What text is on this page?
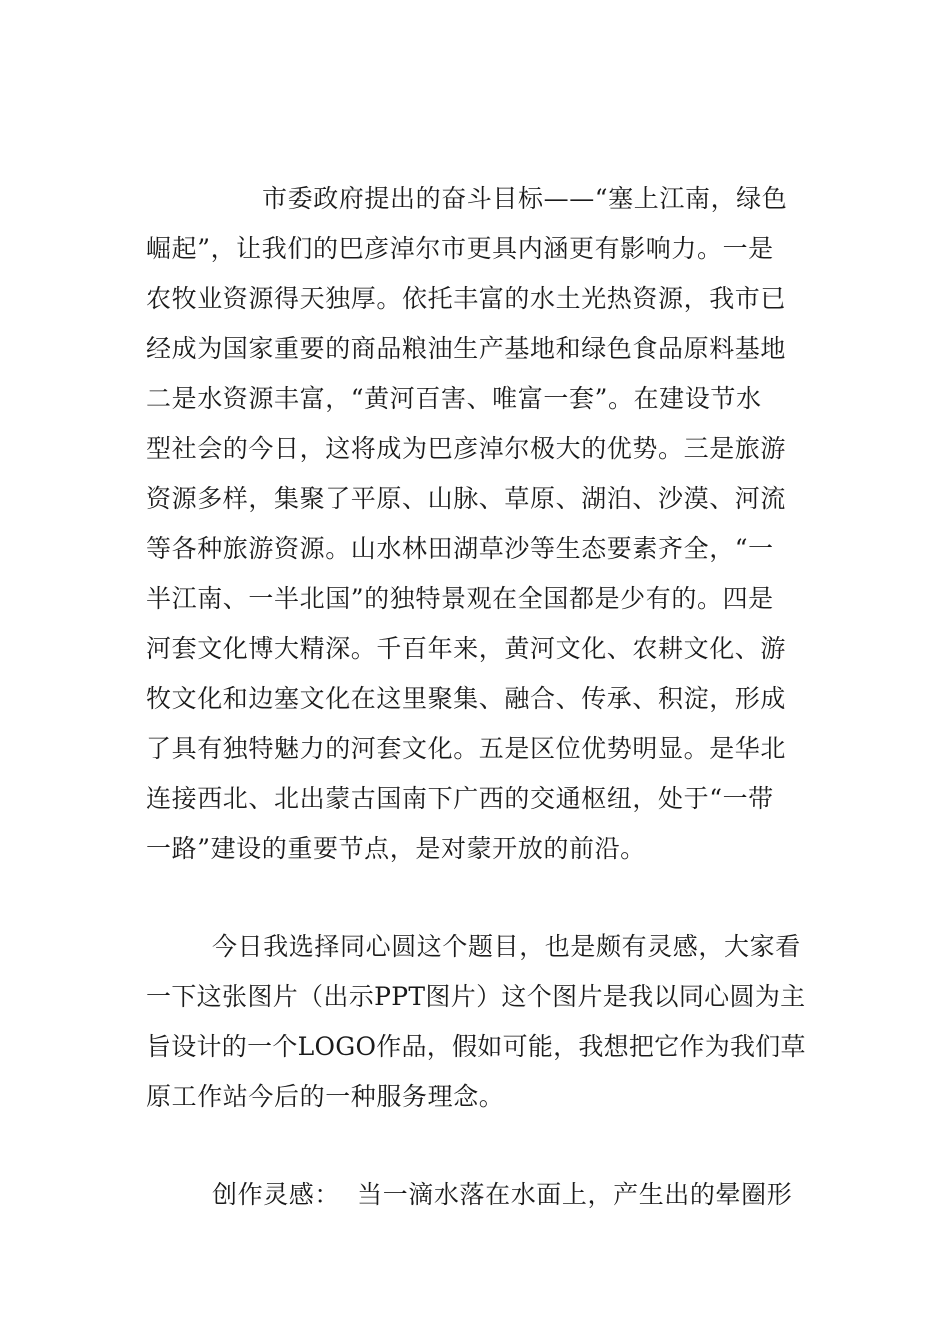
市委政府提出的奋斗目标——“塞上江南，绿色
崛起”，让我们的巴彦淖尔市更具内涵更有影响力。一是
农牧业资源得天独厚。依托丰富的水土光热资源，我市已
经成为国家重要的商品粮油生产基地和绿色食品原料基地
二是水资源丰富，“黄河百害、唯富一套”。在建设节水
型社会的今日，这将成为巴彦淖尔极大的优势。三是旅游
资源多样，集聚了平原、山脉、草原、湖泊、沙漠、河流
等各种旅游资源。山水林田湖草沙等生态要素齐全，“一
半江南、一半北国”的独特景观在全国都是少有的。四是
河套文化博大精深。千百年来，黄河文化、农耕文化、游
牧文化和边塞文化在这里聚集、融合、传承、积淀，形成
了具有独特魅力的河套文化。五是区位优势明显。是华北
连接西北、北出蒙古国南下广西的交通枢纽，处于“一带
一路”建设的重要节点，是对蒙开放的前沿。
今日我选择同心圆这个题目，也是颇有灵感，大家看
一下这张图片（出示PPT图片）这个图片是我以同心圆为主
旨设计的一个LOGO作品，假如可能，我想把它作为我们草
原工作站今后的一种服务理念。
创作灵感：  当一滴水落在水面上，产生出的晕圈形
